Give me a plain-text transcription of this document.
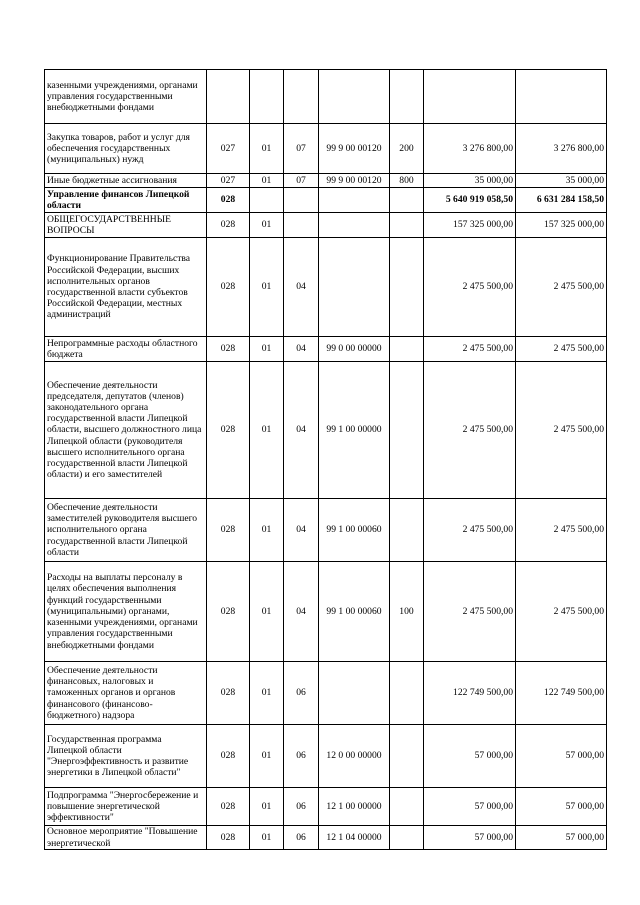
казенными учреждениями, органами управления государственными внебюджетными фондами							
Закупка товаров, работ и услуг для обеспечения государственных (муниципальных) нужд	027	01	07	99 9 00 00120	200	3 276 800,00	3 276 800,00
Иные бюджетные ассигнования	027	01	07	99 9 00 00120	800	35 000,00	35 000,00
Управление финансов Липецкой области	028					5 640 919 058,50	6 631 284 158,50
ОБЩЕГОСУДАРСТВЕННЫЕ ВОПРОСЫ	028	01				157 325 000,00	157 325 000,00
Функционирование Правительства Российской Федерации, высших исполнительных органов государственной власти субъектов Российской Федерации, местных администраций	028	01	04			2 475 500,00	2 475 500,00
Непрограммные расходы областного бюджета	028	01	04	99 0 00 00000		2 475 500,00	2 475 500,00
Обеспечение деятельности председателя, депутатов (членов) законодательного органа государственной власти Липецкой области, высшего должностного лица Липецкой области (руководителя высшего исполнительного органа государственной власти Липецкой области) и его заместителей	028	01	04	99 1 00 00000		2 475 500,00	2 475 500,00
Обеспечение деятельности заместителей руководителя высшего исполнительного органа государственной власти Липецкой области	028	01	04	99 1 00 00060		2 475 500,00	2 475 500,00
Расходы на выплаты персоналу в целях обеспечения выполнения функций государственными (муниципальными) органами, казенными учреждениями, органами управления государственными внебюджетными фондами	028	01	04	99 1 00 00060	100	2 475 500,00	2 475 500,00
Обеспечение деятельности финансовых, налоговых и таможенных органов и органов финансового (финансово-бюджетного) надзора	028	01	06			122 749 500,00	122 749 500,00
Государственная программа Липецкой области "Энергоэффективность и развитие энергетики в Липецкой области"	028	01	06	12 0 00 00000		57 000,00	57 000,00
Подпрограмма "Энергосбережение и повышение энергетической эффективности"	028	01	06	12 1 00 00000		57 000,00	57 000,00
Основное мероприятие "Повышение энергетической	028	01	06	12 1 04 00000		57 000,00	57 000,00
